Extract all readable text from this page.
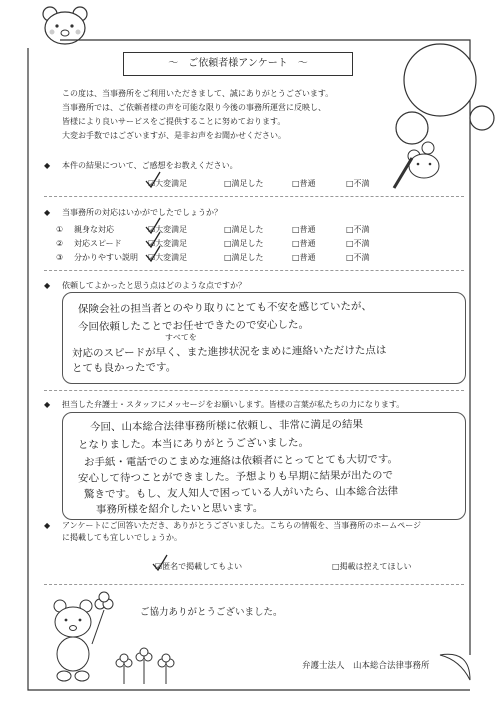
～　ご依頼者様アンケート　～
この度は、当事務所をご利用いただきまして、誠にありがとうございます。
当事務所では、ご依頼者様の声を可能な限り今後の事務所運営に反映し、
皆様により良いサービスをご提供することに努めております。
大変お手数ではございますが、是非お声をお聞かせください。
◆ 本件の結果について、ご感想をお教えください。
☑大変満足	□満足した	□普通	□不満
◆ 当事務所の対応はいかがでしたでしょうか？
① 親身な対応	☑大変満足	□満足した	□普通	□不満
② 対応スピード	☑大変満足	□満足した	□普通	□不満
③ 分かりやすい説明 ☑大変満足	□満足した	□普通	□不満
◆ 依頼してよかったと思う点はどのような点ですか？
すべてを
保険会社の担当者とのやり取りにとても不安を感じていたが、
今回依頼したことでお任せできたので安心した。
対応のスピードが早く、また進捗状況をまめに連絡いただけた点は
とても良かったです。
◆ 担当した弁護士・スタッフにメッセージをお願いします。皆様の言葉が私たちの力になります。
今回、山本総合法律事務所様に依頼し、非常に満足の結果
となりました。本当にありがとうございました。
お手紙・電話でのこまめな連絡は依頼者にとってとても大切です。
安心して待つことができました。予想よりも早期に結果が出たので
驚きです。もし、友人知人で困っている人がいたら、山本総合法律
事務所様を紹介したいと思います。
◆ アンケートにご回答いただき、ありがとうございました。こちらの情報を、当事務所のホームページ
に掲載しても宜しいでしょうか。
☑匿名で掲載してもよい	□掲載は控えてほしい
ご協力ありがとうございました。
弁護士法人　山本総合法律事務所
